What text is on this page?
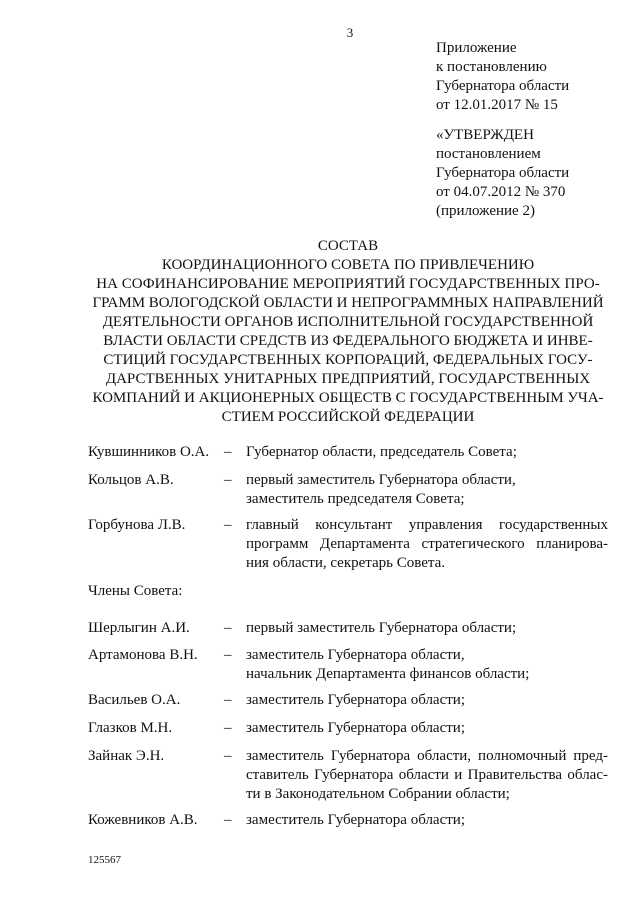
3
Приложение
к постановлению
Губернатора области
от 12.01.2017 № 15
«УТВЕРЖДЕН
постановлением
Губернатора области
от 04.07.2012 № 370
(приложение 2)
СОСТАВ
КООРДИНАЦИОННОГО СОВЕТА ПО ПРИВЛЕЧЕНИЮ
НА СОФИНАНСИРОВАНИЕ МЕРОПРИЯТИЙ ГОСУДАРСТВЕННЫХ ПРО-
ГРАММ ВОЛОГОДСКОЙ ОБЛАСТИ И НЕПРОГРАММНЫХ НАПРАВЛЕНИЙ
ДЕЯТЕЛЬНОСТИ ОРГАНОВ ИСПОЛНИТЕЛЬНОЙ ГОСУДАРСТВЕННОЙ
ВЛАСТИ ОБЛАСТИ СРЕДСТВ ИЗ ФЕДЕРАЛЬНОГО БЮДЖЕТА И ИНВЕ-
СТИЦИЙ ГОСУДАРСТВЕННЫХ КОРПОРАЦИЙ, ФЕДЕРАЛЬНЫХ ГОСУ-
ДАРСТВЕННЫХ УНИТАРНЫХ ПРЕДПРИЯТИЙ, ГОСУДАРСТВЕННЫХ
КОМПАНИЙ И АКЦИОНЕРНЫХ ОБЩЕСТВ С ГОСУДАРСТВЕННЫМ УЧА-
СТИЕМ РОССИЙСКОЙ ФЕДЕРАЦИИ
Кувшинников О.А. – Губернатор области, председатель Совета;
Кольцов А.В.	– первый заместитель Губернатора области,
заместитель председателя Совета;
Горбунова Л.В.	– главный консультант управления государственных
программ Департамента стратегического планирова-
ния области, секретарь Совета.
Члены Совета:
Шерлыгин А.И. – первый заместитель Губернатора области;
Артамонова В.Н. – заместитель Губернатора области,
начальник Департамента финансов области;
Васильев О.А.	– заместитель Губернатора области;
Глазков М.Н.	– заместитель Губернатора области;
Зайнак Э.Н.	– заместитель Губернатора области, полномочный пред-
ставитель Губернатора области и Правительства облас-
ти в Законодательном Собрании области;
Кожевников А.В. – заместитель Губернатора области;
125567
